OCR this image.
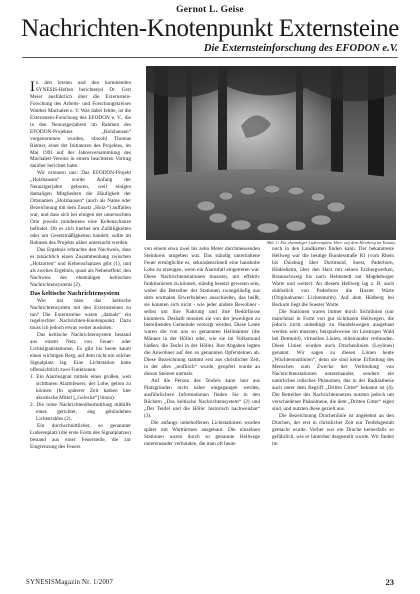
Gernot L. Geise
Nachrichten-Knotenpunkt Externsteine
Die Externsteinforschung des EFODON e.V.

In den letzten und den kommenden SYNESIS-Heften berichtet(e) Dr. Gert Meier ausführlich über die Externstein-Forschung des Arbeits- und Forschungskreises Walther Machalett e. V. Was dabei fehlte, ist die Externstein-Forschung des EFODON e. V., die in den Neunzigerjahren im Rahmen des EFODON-Projektes „Holzhausen“ vorgenommen wurden, obwohl Thomas Riemer, einer der Initiatoren des Projektes, im Mai 1991 auf der Jahresversammlung des Machalett-Vereins in einem beachteten Vortrag darüber berichtet hatte.

Wir erinnern uns: Das EFODON-Projekt „Holzhausen“ wurde Anfang der Neunzigerjahre geboren, weil einigen damaligen Mitgliedern die Häufigkeit der Ortsnamen „Holzhausen“ (auch als Name oder Bezeichnung mit dem Zusatz „Holz-“) auffallen war, und dass sich bei einigen der untersuchten Orte jeweils mindestens eine Keltenschanze befindet. Ob es sich hierbei um Zufälligkeiten oder um Gesetzmäßigkeiten handelt, sollte im Rahmen des Projekts näher untersucht werden.

Das Ergebnis erbrachte den Nachweis, dass es tatsächlich einen Zusammenhang zwischen „Holzorten“ und Keltenschanzen gibt (1), und als zweites Ergebnis, quasi als Nebeneffekt, den Nachweis des ehemaligen keltischen Nachrichtensystems (2).

Das keltische Nachrichtensystem

Wie hat man das keltische Nachrichtensystem mit den Externsteinen zu tun? Die Externsteine waren „damals“ ein regelrechter Nachrichten-Knotenpunkt. Dazu muss ich jedoch etwas weiter ausholen.

Das keltische Nachrichtensystem bestand aus einem Netz von Feuer- oder Lichtsignalstationen. Es gibt bis heute kaum einen wichtigen Berg, auf dem nicht ein solcher Signalplatz lag. Eine Lichtstation hatte offensichtlich zwei Funktionen:

1. Ein Alarmsignal mittels eines großen, weit sichtbaren Alarmfeuers, der Lohe, gebon zu können (In späterer Zeit kamen hier akustische Mittel [„Gelocke“] hinzu).

2. Die reine Nachrichtenübermittlung mithilfe eines gerichtet, eng gebündelten Lichtstrahles (2).

Ein durchschnittlicher, so genannter Luderenplatz (die erste Form des Signalplatzes) bestand aus einer Feuerstelle, die zur Eingrenzung des Feuers

Abb. 1: Ein ehemaliger Luderenplatz. Hier: auf dem Herzberg im Taunus.

von einem etwa zwei bis zehn Meter durchmessenden Steinkreis umgeben war. Das ständig unterhaltene Feuer ermöglichte es, sekundenschnell eine haushohe Lohe zu erzeugen, wenn ein Alarmfall eingetreten war. Diese Nachrichtenstationen mussten, um effektiv funktionieren zu können, ständig besetzt gewesen sein, wobei die Betreiber der Stationen zwangsläufig aus dem normalen Erwerbsleben ausschieden, das heißt, sie konnten sich nicht - wie jeder andere Bewohner - selbst um ihre Nahrung und ihre Bedürfnisse kümmern. Deshalb mussten sie von der jeweiligen zu betreibenden Gemeinde versorgt werden. Diese Leute waren die von uns so genannten Hellmänner (die Männer in der Hölle) oder, wie sie im Volksmund hießen: die Teufel in der Hölle). Ihre Abgaben legten die Anwohner auf den so genannten Opfersteinen ab. Diese Bezeichnung stammt erst aus christlicher Zeit, in der alles „teuflisch“ wurde, geopfert wurde an diesen Steinen niemals.

Auf die Person des Teufels kann hier aus Platzgründen nicht näher eingegangen werden, ausführlichere Informationen finden Sie in den Büchern „Das keltische Nachrichtensystem“ (2) und „Der Teufel und die Hölle: historisch nachweisbar“ (3).

Die anfangs unbeholfenen Lichtstationen wurden später mit Warttürmen ausgebaut. Die einzelnen Stationen waren durch so genannte Hellwege untereinander verbunden, die man oft heute

noch in den Landkarten finden kann. Der bekannteste Hellweg war die heutige Bundesstraße B1 (vom Rhein bis Duisburg über Dortmund, Soest, Paderborn, Hildesheim, über den Harz mit seinen Erzbergwerken, Braunschweig bis nach Helmstedt zur Magdeburger Warte und weiter). An diesem Hellweg lag z. B. auch südöstlich von Paderborn die Haxter Warte (Originalname: Lichtenturm). Auf dem Hödberg bei Beckum liegt die Soester Warte.

Die Stationen waren immer durch Sichtlinien (nur manchmal in Form von gut sichtbaren Hellwegen, die jedoch nicht unbedingt zu Handelswegen ausgebaut werden sein mussten, beispielsweise im Leistruper Wald bei Detmold), virtuellen Linien, miteinander verbunden. Diese Linien wurden auch Drachenlinien (Leylines) genannt. Wir sagen zu diesen Linien heute „Wächtersnutlinien“, denn sie sind keine Erfindung des Menschen zum Zwecke der Verbindung von Nachrichtenstationen untereinander, sondern ein natürliches irdisches Phänomen, das in der Radiästhesie auch unter dem Begriff „Drittes Gitter“ bekannt ist (4). Die Betreiber des Nachrichtennetzes nutzten jedoch um verschiedener Phänomene, die dem „Dritten Gitter“ eigen sind, und nutzten diese gezielt aus.

Die Bezeichnung Drachenlinie ist angelehnt an den Drachen, der erst in christlicher Zeit zur Teufelsgestalt gemacht wurde. Vorher war ein Drache keinesfalls so gefährlich, wie er hinterher dargestellt wurde. Wir finden im

SYNESISMagazin Nr. 1/2007	23
